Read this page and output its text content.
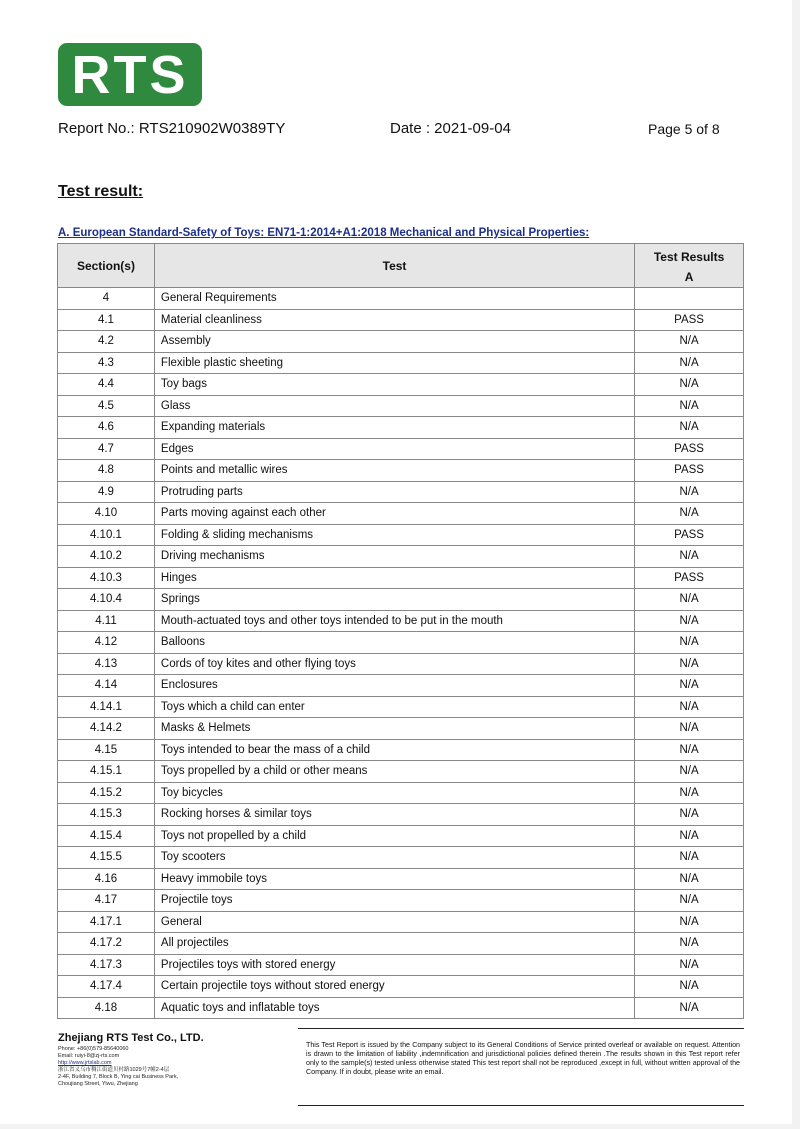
RTS
Report No.: RTS210902W0389TY	Date : 2021-09-04	Page 5 of 8
Test result:
A. European Standard-Safety of Toys: EN71-1:2014+A1:2018 Mechanical and Physical Properties:
Section(s)	Test	Test Results
A

4	General Requirements	
4.1	Material cleanliness	PASS
4.2	Assembly	N/A
4.3	Flexible plastic sheeting	N/A
4.4	Toy bags	N/A
4.5	Glass	N/A
4.6	Expanding materials	N/A
4.7	Edges	PASS
4.8	Points and metallic wires	PASS
4.9	Protruding parts	N/A
4.10	Parts moving against each other	N/A
4.10.1	Folding & sliding mechanisms	PASS
4.10.2	Driving mechanisms	N/A
4.10.3	Hinges	PASS
4.10.4	Springs	N/A
4.11	Mouth-actuated toys and other toys intended to be put in the mouth	N/A
4.12	Balloons	N/A
4.13	Cords of toy kites and other flying toys	N/A
4.14	Enclosures	N/A
4.14.1	Toys which a child can enter	N/A
4.14.2	Masks & Helmets	N/A
4.15	Toys intended to bear the mass of a child	N/A
4.15.1	Toys propelled by a child or other means	N/A
4.15.2	Toy bicycles	N/A
4.15.3	Rocking horses & similar toys	N/A
4.15.4	Toys not propelled by a child	N/A
4.15.5	Toy scooters	N/A
4.16	Heavy immobile toys	N/A
4.17	Projectile toys	N/A
4.17.1	General	N/A
4.17.2	All projectiles	N/A
4.17.3	Projectiles toys with stored energy	N/A
4.17.4	Certain projectile toys without stored energy	N/A
4.18	Aquatic toys and inflatable toys	N/A
Zhejiang RTS Test Co., LTD.
Phone: +86(0)579-85640060
Email: ruiyi-8@zj-rts.com
http://www.jrtslab.com
浙江省义乌市稠江街道贝村路1029号7幢2-4层
2-4F, Building 7, Block B, Ying cai Business Park,
Choujiang Street, Yiwu, Zhejiang
This Test Report is issued by the Company subject to its General Conditions of Service printed overleaf or available on request. Attention is drawn to the limitation of liability ,indemnification and jurisdictional policies defined therein .The results shown in this Test report refer only to the sample(s) tested unless otherwise stated This test report shall not be reproduced ,except in full, without written approval of the Company. If in doubt, please write an email.
